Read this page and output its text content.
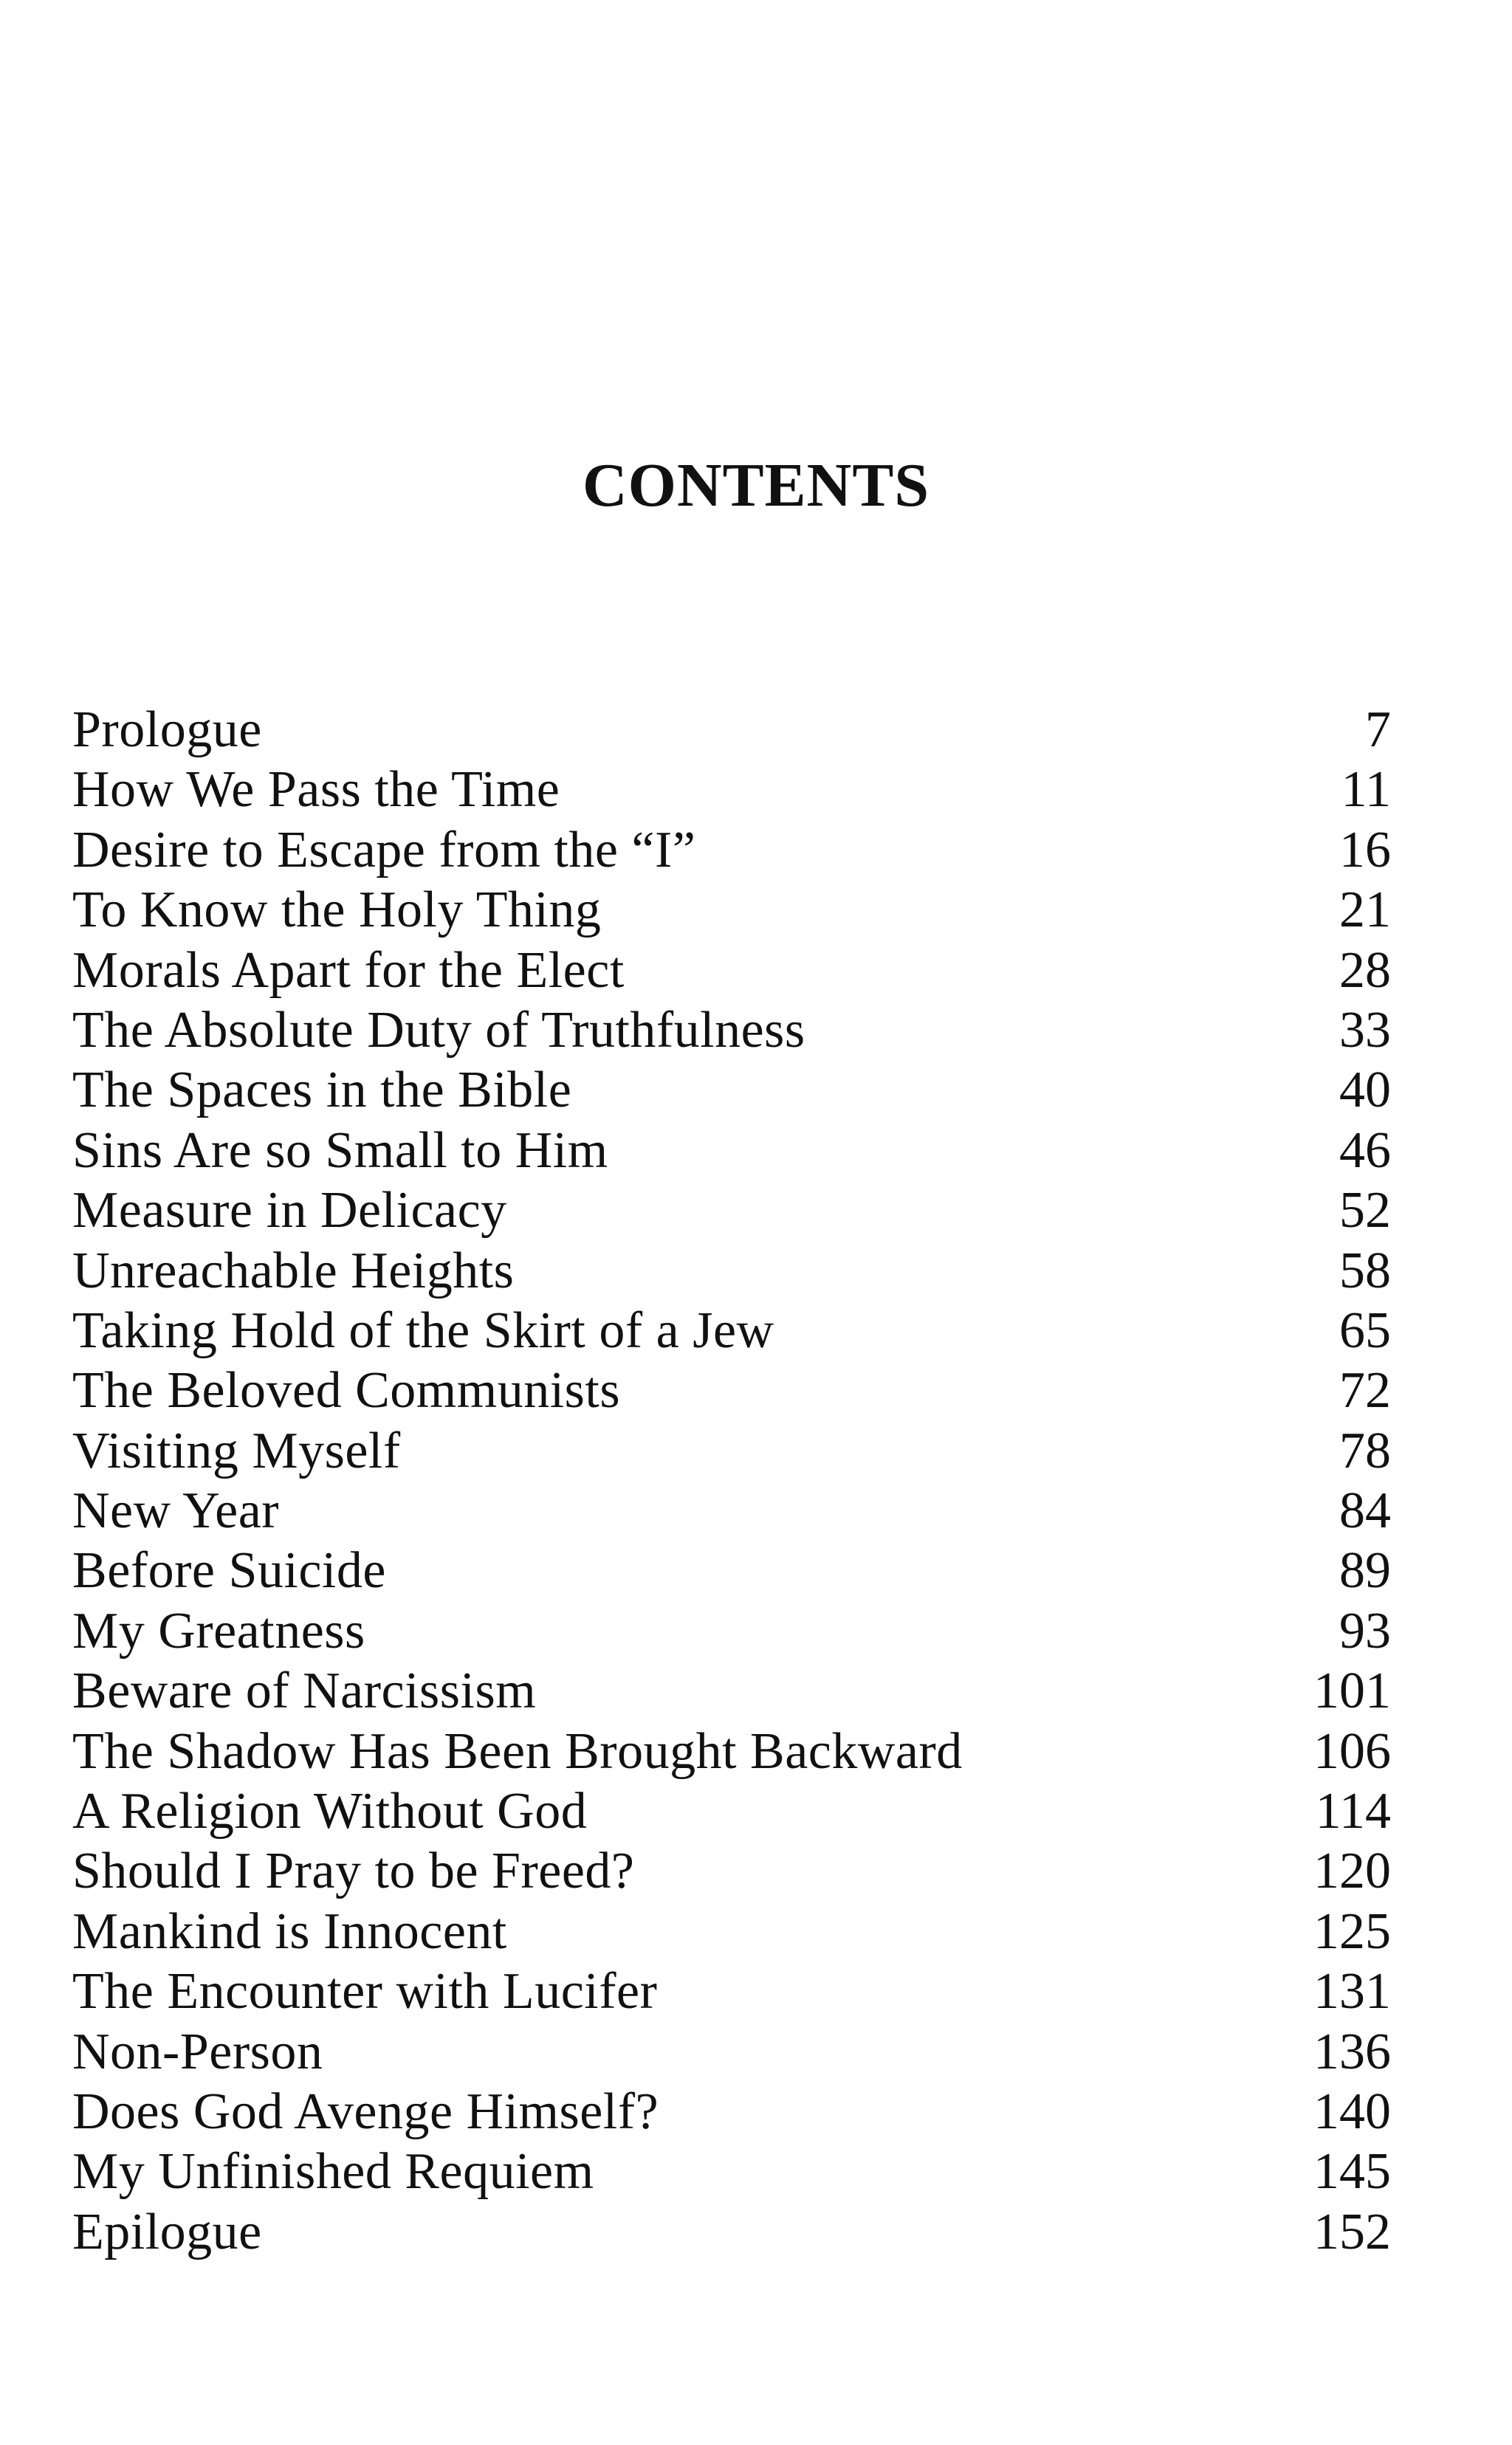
CONTENTS
Prologue	7
How We Pass the Time	11
Desire to Escape from the “I”	16
To Know the Holy Thing	21
Morals Apart for the Elect	28
The Absolute Duty of Truthfulness	33
The Spaces in the Bible	40
Sins Are so Small to Him	46
Measure in Delicacy	52
Unreachable Heights	58
Taking Hold of the Skirt of a Jew	65
The Beloved Communists	72
Visiting Myself	78
New Year	84
Before Suicide	89
My Greatness	93
Beware of Narcissism	101
The Shadow Has Been Brought Backward	106
A Religion Without God	114
Should I Pray to be Freed?	120
Mankind is Innocent	125
The Encounter with Lucifer	131
Non-Person	136
Does God Avenge Himself?	140
My Unfinished Requiem	145
Epilogue	152
